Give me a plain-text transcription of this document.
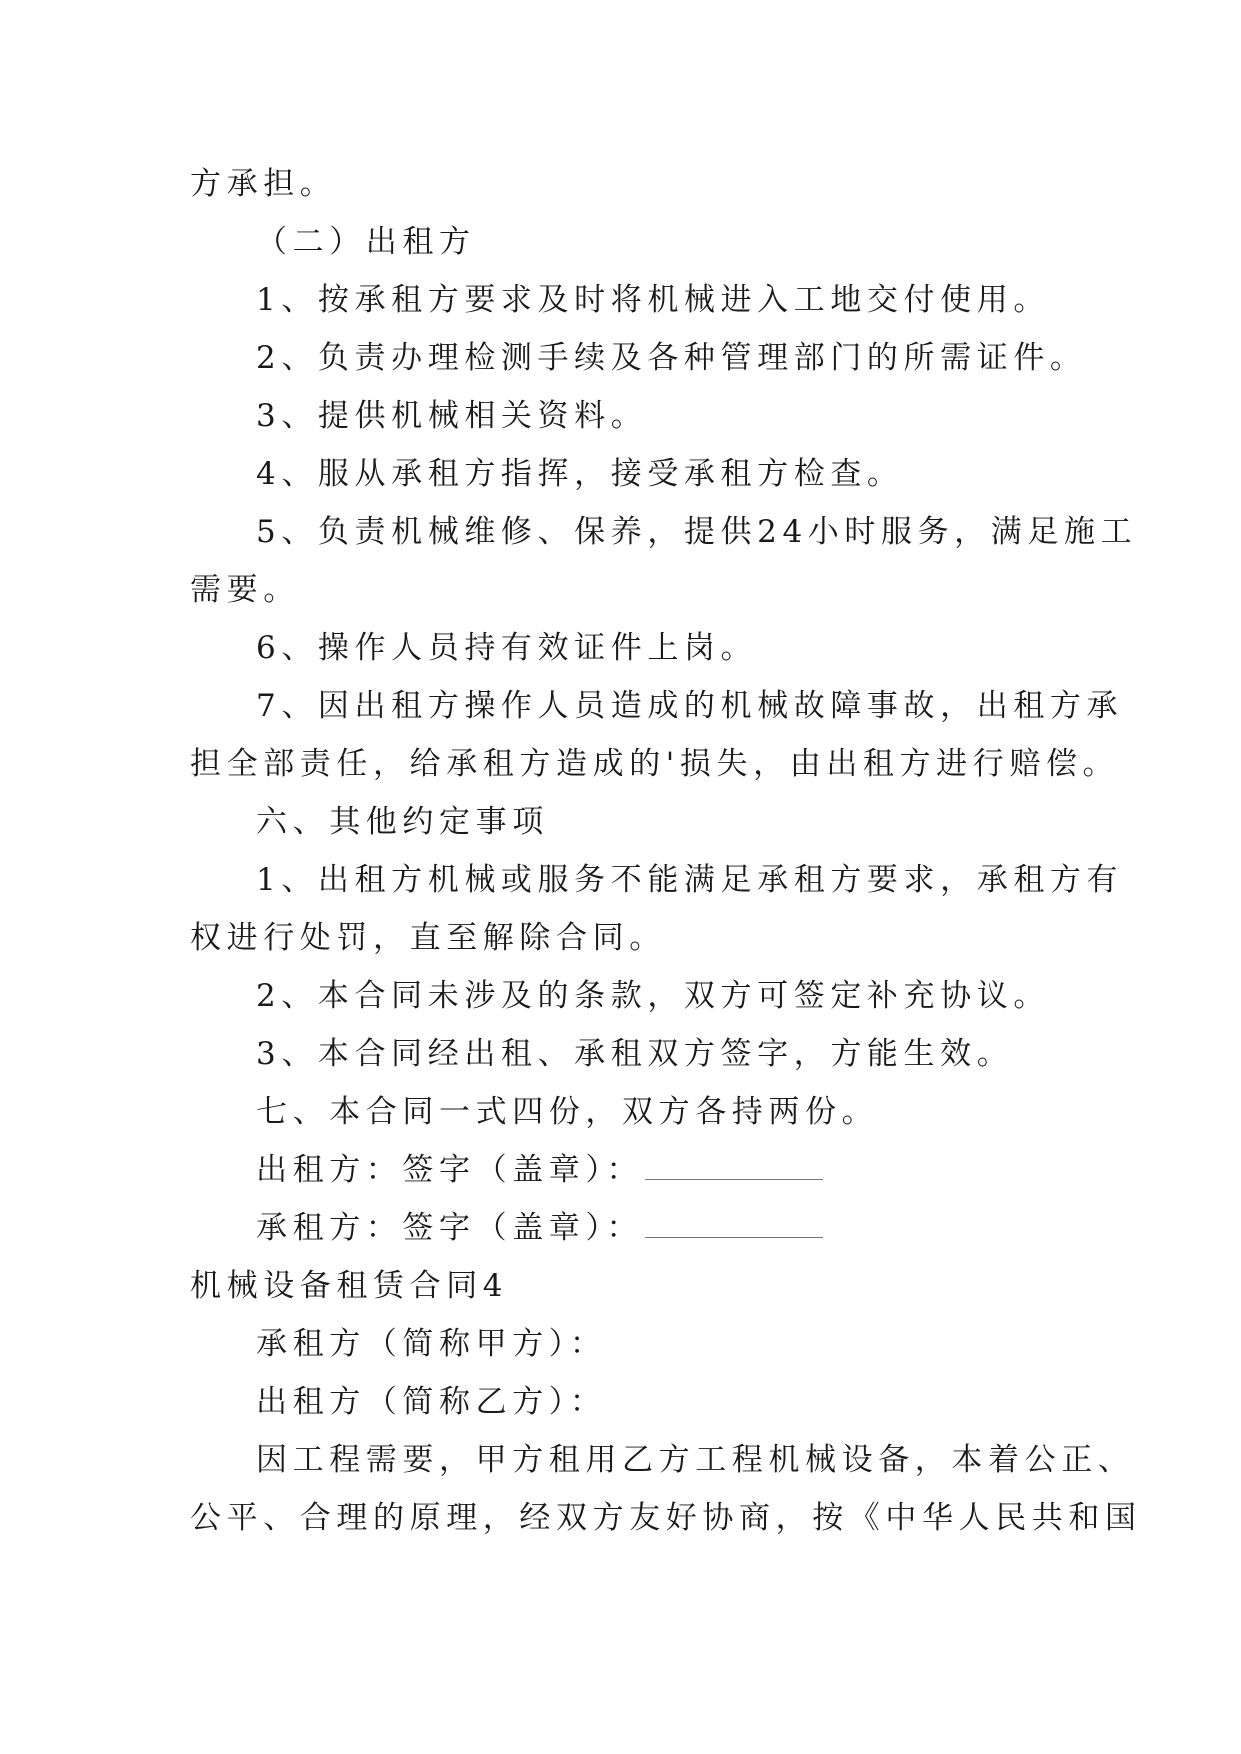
方承担。
（二）出租方
1、按承租方要求及时将机械进入工地交付使用。
2、负责办理检测手续及各种管理部门的所需证件。
3、提供机械相关资料。
4、服从承租方指挥，接受承租方检查。
5、负责机械维修、保养，提供24小时服务，满足施工
需要。
6、操作人员持有效证件上岗。
7、因出租方操作人员造成的机械故障事故，出租方承
担全部责任，给承租方造成的'损失，由出租方进行赔偿。
六、其他约定事项
1、出租方机械或服务不能满足承租方要求，承租方有
权进行处罚，直至解除合同。
2、本合同未涉及的条款，双方可签定补充协议。
3、本合同经出租、承租双方签字，方能生效。
七、本合同一式四份，双方各持两份。
出租方：签字（盖章）：
承租方：签字（盖章）：
机械设备租赁合同4
承租方（简称甲方）：
出租方（简称乙方）：
因工程需要，甲方租用乙方工程机械设备，本着公正、
公平、合理的原理，经双方友好协商，按《中华人民共和国
